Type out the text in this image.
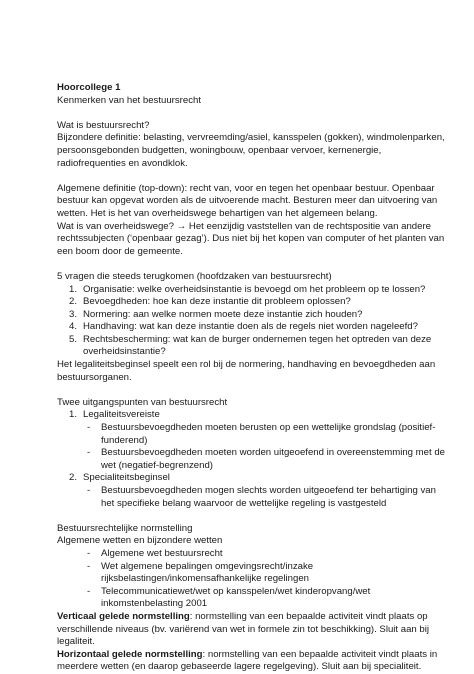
Hoorcollege 1
Kenmerken van het bestuursrecht
Wat is bestuursrecht?
Bijzondere definitie: belasting, vervreemding/asiel, kansspelen (gokken), windmolenparken,
persoonsgebonden budgetten, woningbouw, openbaar vervoer, kernenergie,
radiofrequenties en avondklok.
Algemene definitie (top-down): recht van, voor en tegen het openbaar bestuur. Openbaar
bestuur kan opgevat worden als de uitvoerende macht. Besturen meer dan uitvoering van
wetten. Het is het van overheidswege behartigen van het algemeen belang.
Wat is van overheidswege? → Het eenzijdig vaststellen van de rechtspositie van andere
rechtssubjecten (‘openbaar gezag’). Dus niet bij het kopen van computer of het planten van
een boom door de gemeente.
5 vragen die steeds terugkomen (hoofdzaken van bestuursrecht)
1. Organisatie: welke overheidsinstantie is bevoegd om het probleem op te lossen?
2. Bevoegdheden: hoe kan deze instantie dit probleem oplossen?
3. Normering: aan welke normen moete deze instantie zich houden?
4. Handhaving: wat kan deze instantie doen als de regels niet worden nageleefd?
5. Rechtsbescherming: wat kan de burger ondernemen tegen het optreden van deze
overheidsinstantie?
Het legaliteitsbeginsel speelt een rol bij de normering, handhaving en bevoegdheden aan
bestuursorganen.
Twee uitgangspunten van bestuursrecht
1. Legaliteitsvereiste
- Bestuursbevoegdheden moeten berusten op een wettelijke grondslag (positief-
funderend)
- Bestuursbevoegdheden moeten worden uitgeoefend in overeenstemming met de
wet (negatief-begrenzend)
2. Specialiteitsbeginsel
- Bestuursbevoegdheden mogen slechts worden uitgeoefend ter behartiging van
het specifieke belang waarvoor de wettelijke regeling is vastgesteld
Bestuursrechtelijke normstelling
Algemene wetten en bijzondere wetten
- Algemene wet bestuursrecht
- Wet algemene bepalingen omgevingsrecht/inzake
rijksbelastingen/inkomensafhankelijke regelingen
- Telecommunicatiewet/wet op kansspelen/wet kinderopvang/wet
inkomstenbelasting 2001
Verticaal gelede normstelling: normstelling van een bepaalde activiteit vindt plaats op
verschillende niveaus (bv. variërend van wet in formele zin tot beschikking). Sluit aan bij
legaliteit.
Horizontaal gelede normstelling: normstelling van een bepaalde activiteit vindt plaats in
meerdere wetten (en daarop gebaseerde lagere regelgeving). Sluit aan bij specialiteit.
